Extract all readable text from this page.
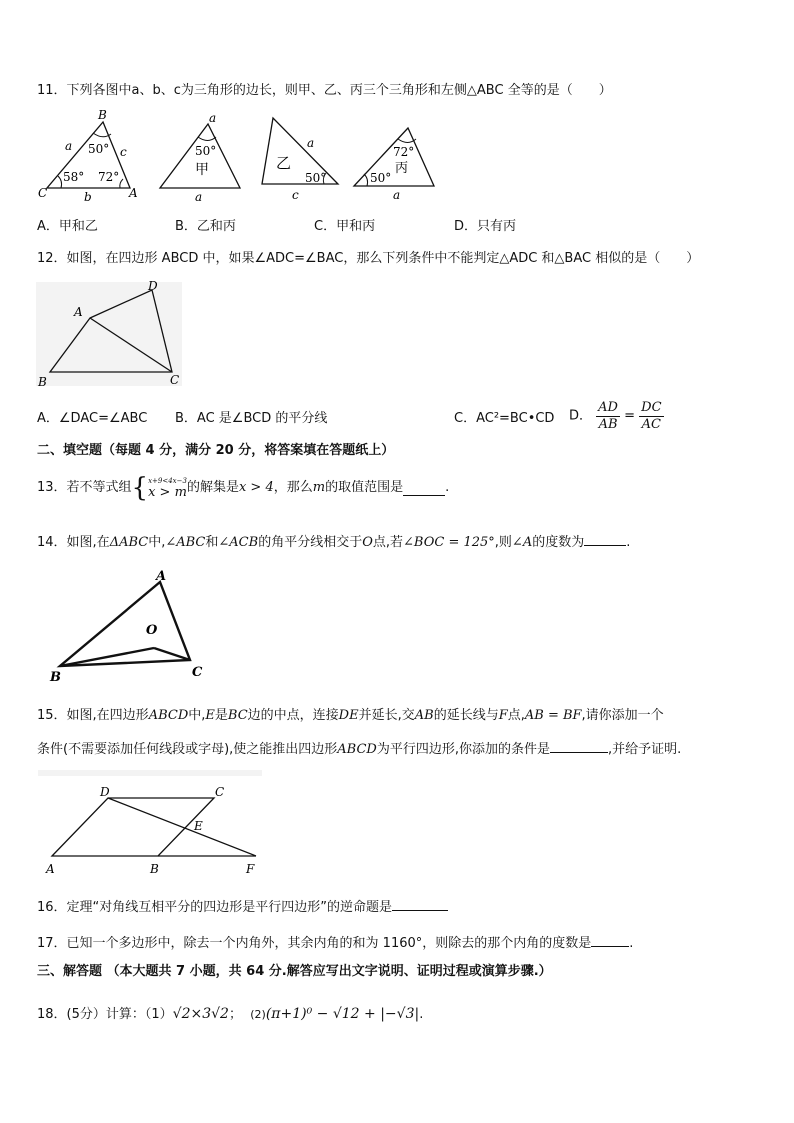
11．下列各图中a、b、c为三角形的边长，则甲、乙、丙三个三角形和左侧△ABC 全等的是（　　）
B
C	A
a	c
b
50°
58° 72°
a
50°
甲
a
乙
a
50°
c
72°
丙
50°
a
A．甲和乙	B．乙和丙	C．甲和丙	D．只有丙
12．如图，在四边形 ABCD 中，如果∠ADC=∠BAC，那么下列条件中不能判定△ADC 和△BAC 相似的是（　　）
A
D
B	C
A．∠DAC=∠ABC B．AC 是∠BCD 的平分线	C．AC²=BC•CD D． $\frac{AD}{AB} = \frac{DC}{AC}$
二、填空题（每题 4 分，满分 20 分，将答案填在答题纸上）
13．若不等式组{ x+9<4x−3
x > m 的解集是x > 4，那么m的取值范围是	.
14．如图,在ΔABC中,∠ABC和∠ACB的角平分线相交于O点,若∠BOC = 125°,则∠A的度数为	.
A
O
B	C
15．如图,在四边形ABCD中,E是BC边的中点，连接DE并延长,交AB的延长线与F点,AB = BF,请你添加一个
条件(不需要添加任何线段或字母),使之能推出四边形ABCD为平行四边形,你添加的条件是	,并给予证明.
D	C
E
A	B	F
16．定理“对角线互相平分的四边形是平行四边形”的逆命题是
17．已知一个多边形中，除去一个内角外，其余内角的和为 1160°，则除去的那个内角的度数是	.
三、解答题 （本大题共 7 小题，共 64 分.解答应写出文字说明、证明过程或演算步骤.）
18．(5分）计算：（1）√2×3√2； (2)(π+1)⁰ − √12 + |−√3|.
